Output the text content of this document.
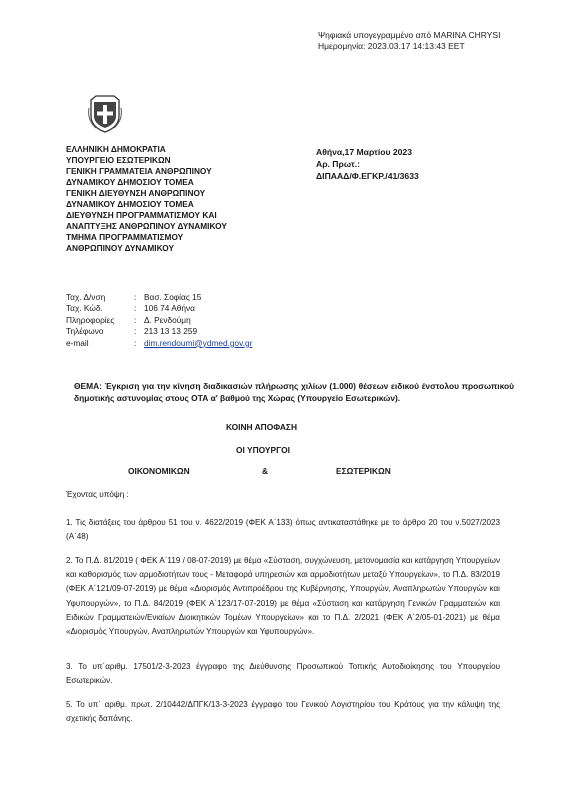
Ψηφιακά υπογεγραμμένο από MARINA CHRYSI
Ημερομηνία: 2023.03.17 14:13:43 EET
ΕΛΛΗΝΙΚΗ ΔΗΜΟΚΡΑΤΙΑ
ΥΠΟΥΡΓΕΙΟ ΕΣΩΤΕΡΙΚΩΝ
ΓΕΝΙΚΗ ΓΡΑΜΜΑΤΕΙΑ ΑΝΘΡΩΠΙΝΟΥ
ΔΥΝΑΜΙΚΟΥ ΔΗΜΟΣΙΟΥ ΤΟΜΕΑ
ΓΕΝΙΚΗ ΔΙΕΥΘΥΝΣΗ ΑΝΘΡΩΠΙΝΟΥ
ΔΥΝΑΜΙΚΟΥ ΔΗΜΟΣΙΟΥ ΤΟΜΕΑ
ΔΙΕΥΘΥΝΣΗ ΠΡΟΓΡΑΜΜΑΤΙΣΜΟΥ ΚΑΙ
ΑΝΑΠΤΥΞΗΣ ΑΝΘΡΩΠΙΝΟΥ ΔΥΝΑΜΙΚΟΥ
ΤΜΗΜΑ ΠΡΟΓΡΑΜΜΑΤΙΣΜΟΥ
ΑΝΘΡΩΠΙΝΟΥ ΔΥΝΑΜΙΚΟΥ
Αθήνα,17 Μαρτίου 2023
Αρ. Πρωτ.:
ΔΙΠΑΑΔ/Φ.ΕΓΚΡ./41/3633
Ταχ. Δ/νση	: Βασ. Σοφίας 15
Ταχ. Κώδ.	: 106 74 Αθήνα
Πληροφορίες	: Δ. Ρενδούμη
Τηλέφωνο	: 213 13 13 259
e-mail	: dim.rendoumi@ydmed.gov.gr
ΘΕΜΑ: Έγκριση για την κίνηση διαδικασιών πλήρωσης χιλίων (1.000) θέσεων ειδικού ένστολου προσωπικού δημοτικής αστυνομίας στους ΟΤΑ α' βαθμού της Χώρας (Υπουργείο Εσωτερικών).
ΚΟΙΝΗ ΑΠΟΦΑΣΗ
ΟΙ ΥΠΟΥΡΓΟΙ
ΟΙΚΟΝΟΜΙΚΩΝ	&	ΕΣΩΤΕΡΙΚΩΝ
Έχοντας υπόψη :
1. Τις διατάξεις του άρθρου 51 του ν. 4622/2019 (ΦΕΚ Α΄133) όπως αντικαταστάθηκε με το άρθρο 20 του ν.5027/2023 (Α΄48)
2. Το Π.Δ. 81/2019 ( ΦΕΚ Α΄119 / 08-07-2019) με θέμα «Σύσταση, συγχώνευση, μετονομασία και κατάργηση Υπουργείων και καθορισμός των αρμοδιοτήτων τους - Μεταφορά υπηρεσιών και αρμοδιοτήτων μεταξύ Υπουργείων», το Π.Δ. 83/2019 (ΦΕΚ Α΄121/09-07-2019) με θέμα «Διορισμός Αντιπροέδρου της Κυβέρνησης, Υπουργών, Αναπληρωτών Υπουργών και Υφυπουργών», το Π.Δ. 84/2019 (ΦΕΚ Α΄123/17-07-2019) με θέμα «Σύσταση και κατάργηση Γενικών Γραμματειών και Ειδικών Γραμματειών/Ενιαίων Διοικητικών Τομέων Υπουργείων» και το Π.Δ. 2/2021 (ΦΕΚ Α΄2/05-01-2021) με θέμα «Διορισμός Υπουργών, Αναπληρωτών Υπουργών και Υφυπουργών».
3. Το υπ΄αριθμ. 17501/2-3-2023 έγγραφο της Διεύθυνσης Προσωπικού Τοπικής Αυτοδιοίκησης του Υπουργείου Εσωτερικών.
5. Το υπ΄ αριθμ. πρωτ. 2/10442/ΔΠΓΚ/13-3-2023 έγγραφο του Γενικού Λογιστηρίου του Κράτους για την κάλυψη της σχετικής δαπάνης.
